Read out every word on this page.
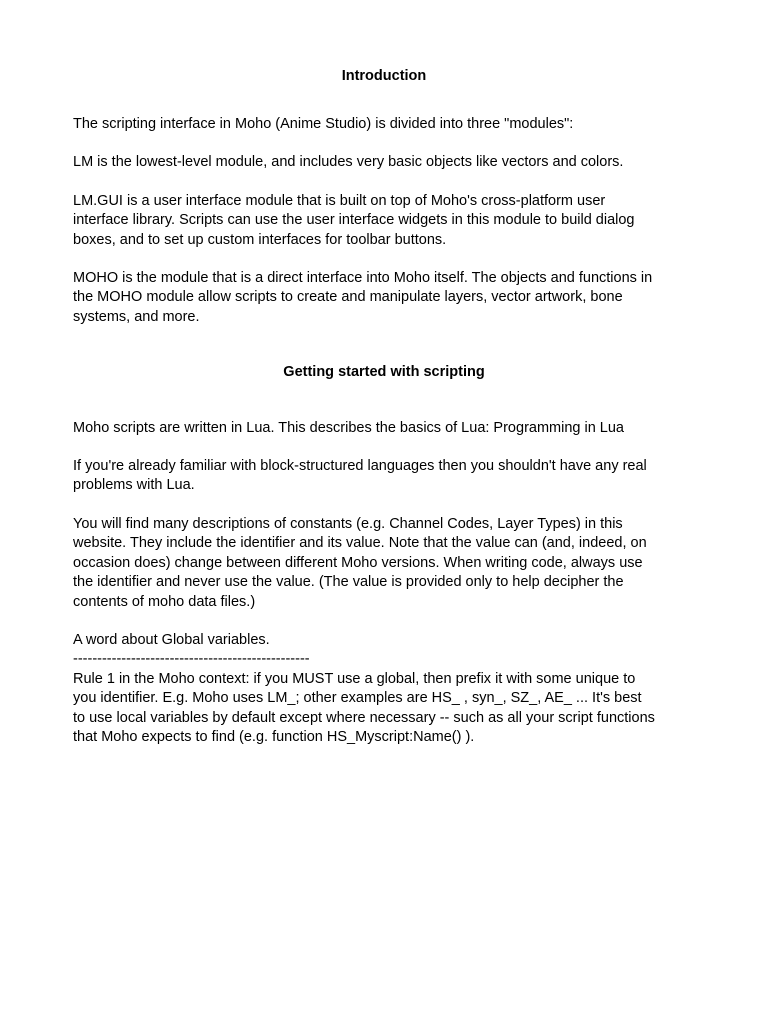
Introduction

The scripting interface in Moho (Anime Studio) is divided into three "modules":

LM is the lowest-level module, and includes very basic objects like vectors and colors.

LM.GUI is a user interface module that is built on top of Moho's cross-platform user
interface library. Scripts can use the user interface widgets in this module to build dialog
boxes, and to set up custom interfaces for toolbar buttons.

MOHO is the module that is a direct interface into Moho itself. The objects and functions in
the MOHO module allow scripts to create and manipulate layers, vector artwork, bone
systems, and more.

Getting started with scripting

Moho scripts are written in Lua. This describes the basics of Lua: Programming in Lua

If you're already familiar with block-structured languages then you shouldn't have any real
problems with Lua.

You will find many descriptions of constants (e.g. Channel Codes, Layer Types) in this
website. They include the identifier and its value. Note that the value can (and, indeed, on
occasion does) change between different Moho versions. When writing code, always use
the identifier and never use the value. (The value is provided only to help decipher the
contents of moho data files.)

A word about Global variables.
-------------------------------------------------
Rule 1 in the Moho context: if you MUST use a global, then prefix it with some unique to
you identifier. E.g. Moho uses LM_; other examples are HS_ , syn_, SZ_, AE_ ... It's best
to use local variables by default except where necessary -- such as all your script functions
that Moho expects to find (e.g. function HS_Myscript:Name() ).
